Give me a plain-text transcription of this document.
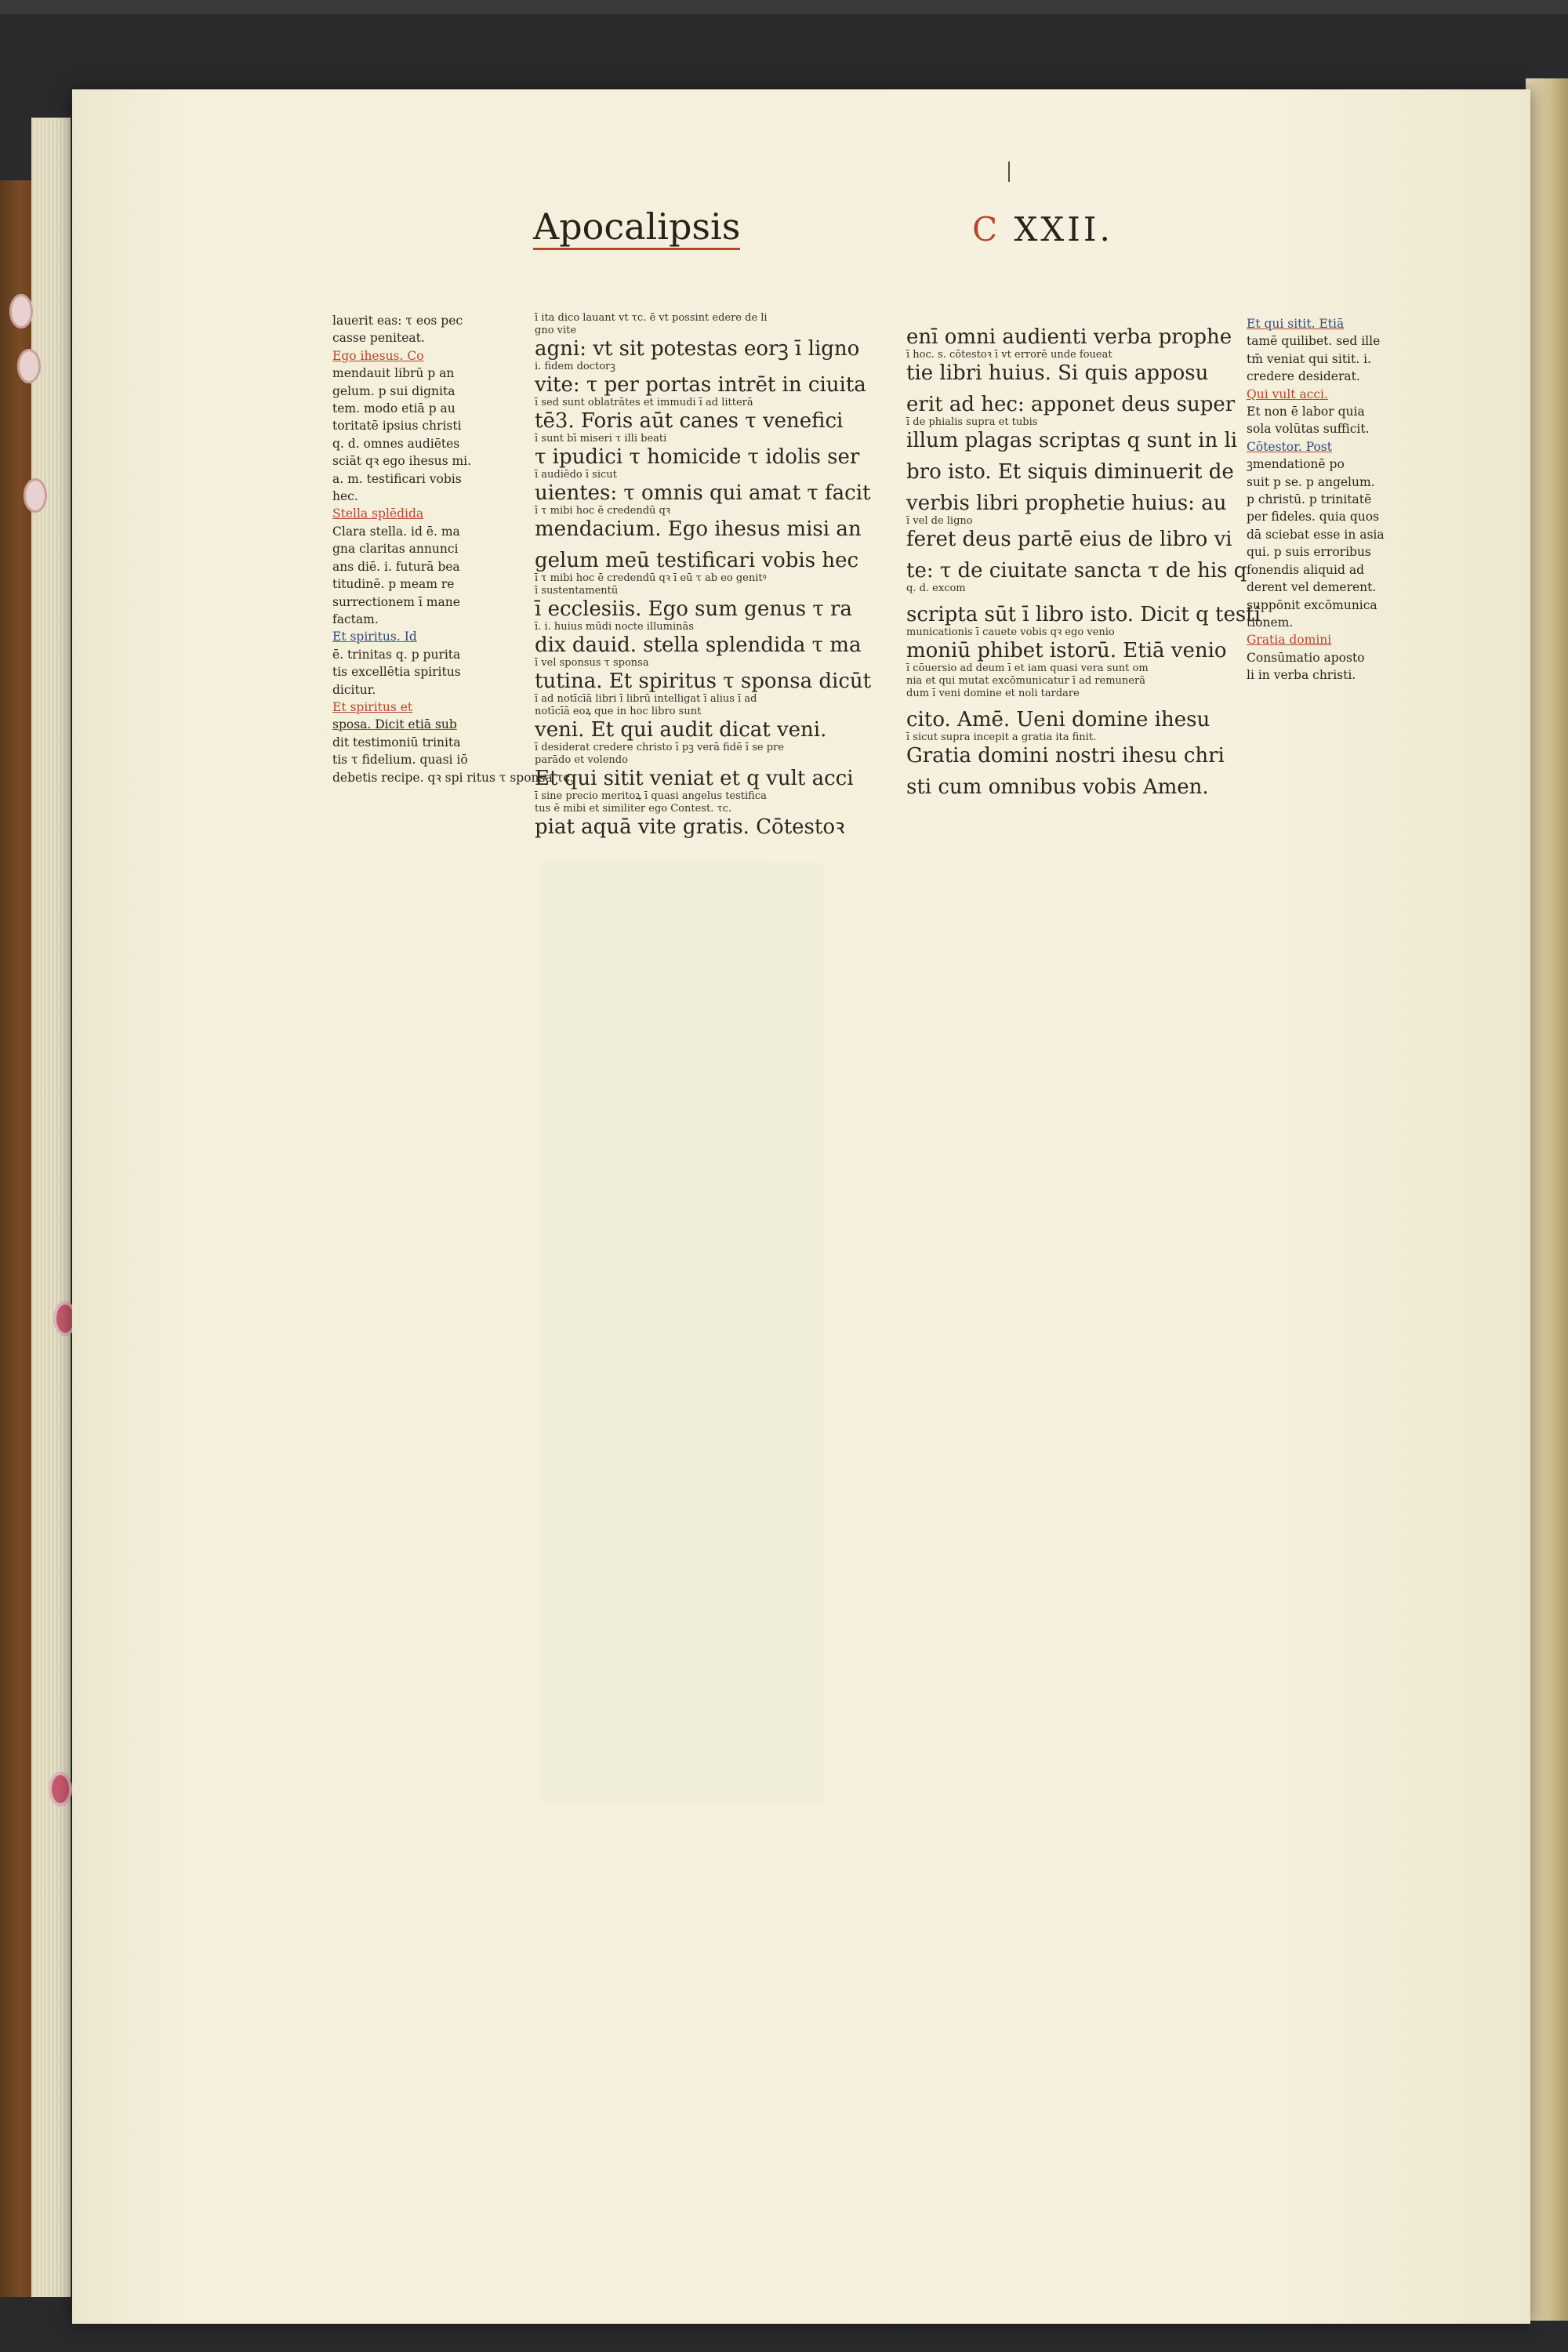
Apocalipsis	C XXII.

lauerit eas: τ eos pec

casse peniteat.

Ego ihesus. Co

mendauit librū p an

gelum. p sui dignita

tem. modo etiā p au

toritatē ipsius christi

q. d. omnes audiētes

sciāt qꝛ ego ihesus mi.

a. m. testificari vobis

hec.

Stella splēdida

Clara stella. id ē. ma

gna claritas annunci

ans diē. i. futurā bea

titudinē. p meam re

surrectionem ī mane

factam.

Et spiritus. Id

ē. trinitas q. p purita

tis excellētia spiritus

dicitur.

Et spiritus et

sposa. Dicit etiā sub

dit testimoniū trinita

tis τ fidelium. quasi iō

debetis recipe. qꝛ spi ritus τ sponsa τc.

ī ita dico lauant vt τc. ē vt possint edere de li

gno vite

agni: vt sit potestas eorꝫ ī ligno

i. fidem doctorꝫ

vite: τ per portas intrēt in ciuita

ī sed sunt oblatrātes et immudi ī ad litterā

tē3. Foris aūt canes τ venefici

ī sunt bī miseri τ illi beati

τ ipudici τ homicide τ idolis ser

ī audiēdo ī sicut

uientes: τ omnis qui amat τ facit

ī τ mibi hoc ē credendū qꝛ

mendacium. Ego ihesus misi an

gelum meū testificari vobis hec

ī τ mibi hoc ē credendū qꝛ ī eū τ ab eo genitꝰ

ī sustentamentū

ī ecclesiis. Ego sum genus τ ra

ī. i. huius mūdi nocte illuminās

dix dauid. stella splendida τ ma

ī vel sponsus τ sponsa

tutina. Et spiritus τ sponsa dicūt

ī ad notīcīā libri ī librū intelligat ī alius ī ad

notīcīā eoꝝ que in hoc libro sunt

veni. Et qui audit dicat veni.

ī desiderat credere christo ī pꝫ verā fidē ī se pre

parādo et volendo

Et qui sitit veniat et q vult acci

ī sine precio meritoꝝ ī quasi angelus testifica

tus ē mibi et similiter ego Contest. τc.

piat aquā vite gratis. Cōtestoꝛ

enī omni audienti verba prophe

ī hoc. s. cōtestoꝛ ī vt errorē unde foueat

tie libri huius. Si quis apposu

erit ad hec: apponet deus super

ī de phialis supra et tubis

illum plagas scriptas q sunt in li

bro isto. Et siquis diminuerit de

verbis libri prophetie huius: au

ī vel de ligno

feret deus partē eius de libro vi

te: τ de ciuitate sancta τ de his q

q. d. excom

scripta sūt ī libro isto. Dicit q testi

municationis ī cauete vobis qꝛ ego venio

moniū phibet istorū. Etiā venio

ī cōuersio ad deum ī et iam quasi vera sunt om

nia et qui mutat excōmunicatur ī ad remunerā

dum ī veni domine et noli tardare

cito. Amē. Ueni domine ihesu

ī sicut supra incepit a gratia ita finit.

Gratia domini nostri ihesu chri

sti cum omnibus vobis Amen.

Et qui sitit. Etiā

tamē quilibet. sed ille

tm̄ veniat qui sitit. i.

credere desiderat.

Qui vult acci.

Et non ē labor quia

sola volūtas sufficit.

Cōtestor. Post

ꝫmendationē po

suit p se. p angelum.

p christū. p trinitatē

per fideles. quia quos

dā sciebat esse in asia

qui. p suis erroribus

fonendis aliquid ad

derent vel demerent.

suppōnit excōmunica

tionem.

Gratia domini

Consūmatio aposto

li in verba christi.
